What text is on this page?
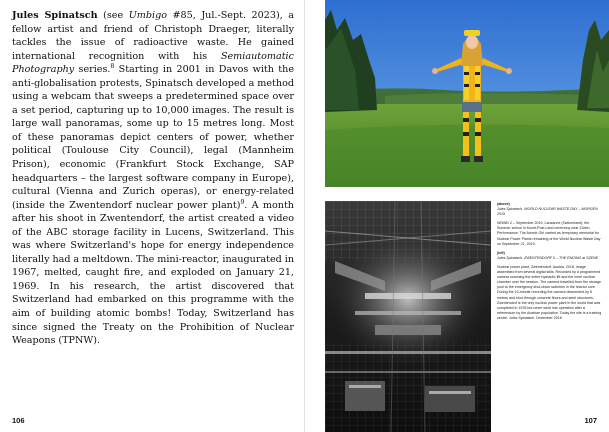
Jules Spinatsch (see Umbigo #85, Jul.-Sept. 2023), a fellow artist and friend of Christoph Draeger, literally tackles the issue of radioactive waste. He gained international recognition with his Semiautomatic Photography series.$^8$ Starting in 2001 in Davos with the anti-globalisation protests, Spinatsch developed a method using a webcam that sweeps a predetermined space over a set period, capturing up to 10,000 images. The result is large wall panoramas, some up to 15 metres long. Most of these panoramas depict centers of power, whether political (Toulouse City Council), legal (Mannheim Prison), economic (Frankfurt Stock Exchange, SAP headquarters – the largest software company in Europe), cultural (Vienna and Zurich operas), or energy-related (inside the Zwentendorf nuclear power plant)$^9$. A month after his shoot in Zwentendorf, the artist created a video of the ABC storage facility in Lucens, Switzerland. This was where Switzerland's hope for energy independence literally had a meltdown. The mini-reactor, inaugurated in 1967, melted, caught fire, and exploded on January 21, 1969. In his research, the artist discovered that Switzerland had embarked on this programme with the aim of building atomic bombs! Today, Switzerland has since signed the Treaty on the Prohibition of Nuclear Weapons (TPNW).

106

(above)
Jules Spinatsch, WORLD NUCLEAR WASTE DAY – MORGEN 2019

WNWD 2 – September 2019, Lausanne (Switzerland); the Summer school in Kunst-Post-Land ceremony near Zürich. Performance: The Atomic Girl carried as temporary memorial for Nuclear Power Plants remaining of the World Nuclear Waste Day on September 21, 2019.

(left)
Jules Spinatsch, ZWENTENDORF II – THE ENDING at SZENE

Nuclear power plant, Zwentendorf, Austria, 2018, image assembled from several digital stills. Recorded by a programmed camera scanning the entire hydraulic lift and the inner nuclear chamber over the session. The camera travelled from the storage pool to the emergency shut-down switches in the reactor core. During the 10-minute recording the camera descended by 8 metres and shot through concrete floors and steel structures. Zwentendorf is the only nuclear power plant in the world that was completed in 1978 but never went into operation after a referendum by the Austrian population. Today the site is a training centre. Jules Spinatsch, December 2018

107
